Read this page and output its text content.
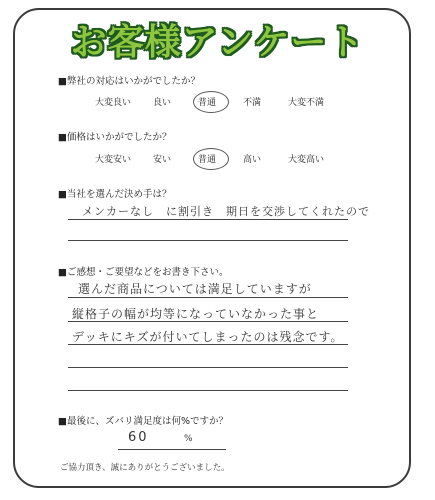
お客様アンケート
■弊社の対応はいかがでしたか？
大変良い	良い	普通	不満	大変不満
■価格はいかがでしたか？
大変安い	安い	普通	高い	大変高い
■当社を選んだ決め手は？
メンカーなし　に割引き　期日を交渉してくれたので
■ご感想・ご要望などをお書き下さい。
選んだ商品については満足していますが
縦格子の幅が均等になっていなかった事と
デッキにキズが付いてしまったのは残念です。
■最後に、ズバリ満足度は何%ですか？
60	%
ご協力頂き、誠にありがとうございました。
